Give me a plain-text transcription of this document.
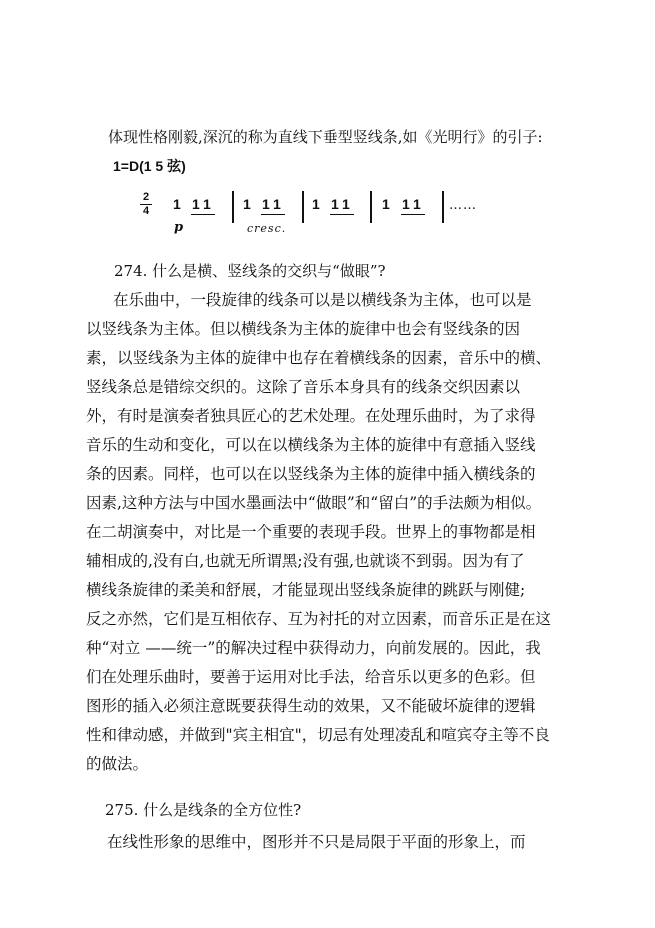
体现性格刚毅,深沉的称为直线下垂型竖线条,如《光明行》的引子:
1=D(1 5 弦)
2
4 1 1 1
p
1 1 1
cresc.
1 1 1 1 1 1 ……
274. 什么是横、竖线条的交织与“做眼”?
在乐曲中，一段旋律的线条可以是以横线条为主体，也可以是
以竖线条为主体。但以横线条为主体的旋律中也会有竖线条的因
素，以竖线条为主体的旋律中也存在着横线条的因素，音乐中的横、
竖线条总是错综交织的。这除了音乐本身具有的线条交织因素以
外，有时是演奏者独具匠心的艺术处理。在处理乐曲时，为了求得
音乐的生动和变化，可以在以横线条为主体的旋律中有意插入竖线
条的因素。同样，也可以在以竖线条为主体的旋律中插入横线条的
因素,这种方法与中国水墨画法中“做眼”和“留白”的手法颇为相似。
在二胡演奏中，对比是一个重要的表现手段。世界上的事物都是相
辅相成的,没有白,也就无所谓黑;没有强,也就谈不到弱。因为有了
横线条旋律的柔美和舒展，才能显现出竖线条旋律的跳跃与刚健;
反之亦然，它们是互相依存、互为衬托的对立因素，而音乐正是在这
种“对立 ——统一”的解决过程中获得动力，向前发展的。因此，我
们在处理乐曲时，要善于运用对比手法，给音乐以更多的色彩。但
图形的插入必须注意既要获得生动的效果，又不能破坏旋律的逻辑
性和律动感，并做到"宾主相宜"，切忌有处理凌乱和喧宾夺主等不良
的做法。
275. 什么是线条的全方位性?
在线性形象的思维中，图形并不只是局限于平面的形象上，而
